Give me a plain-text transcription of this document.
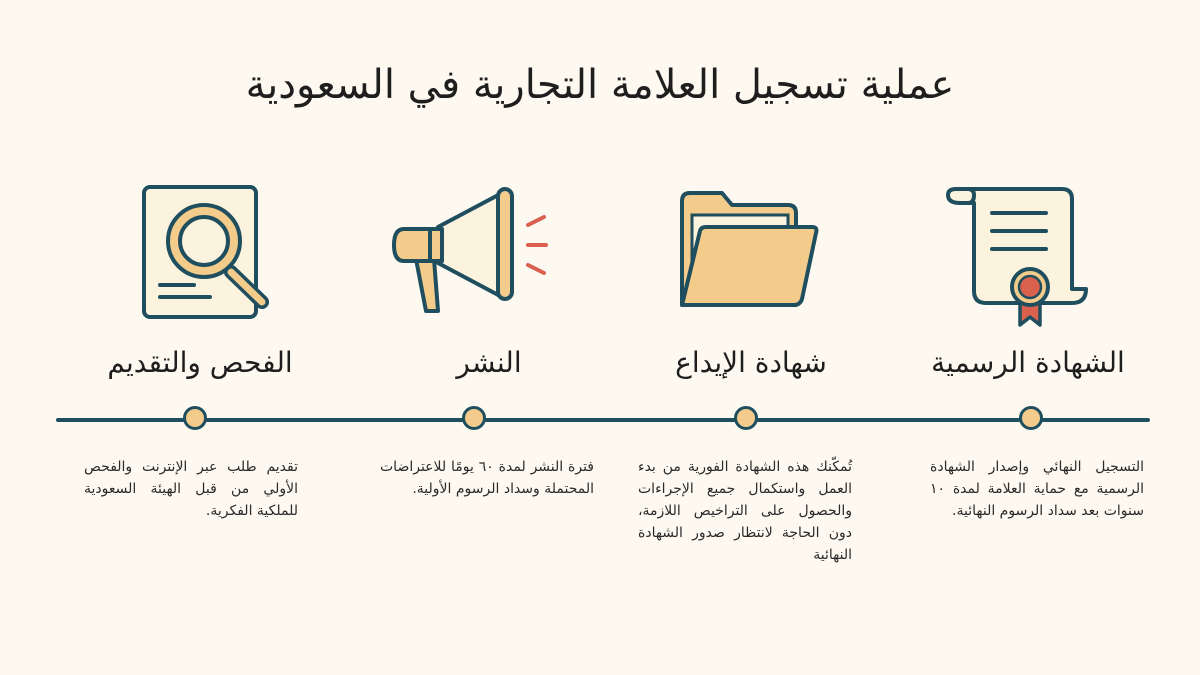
عملية تسجيل العلامة التجارية في السعودية
الفحص والتقديم
تقديم طلب عبر الإنترنت والفحص الأولي من قبل الهيئة السعودية للملكية الفكرية.
النشر
فترة النشر لمدة ٦٠ يومًا للاعتراضات المحتملة وسداد الرسوم الأولية.
شهادة الإيداع
تُمكّنك هذه الشهادة الفورية من بدء العمل واستكمال جميع الإجراءات والحصول على التراخيص اللازمة، دون الحاجة لانتظار صدور الشهادة النهائية
الشهادة الرسمية
التسجيل النهائي وإصدار الشهادة الرسمية مع حماية العلامة لمدة ١٠ سنوات بعد سداد الرسوم النهائية.
